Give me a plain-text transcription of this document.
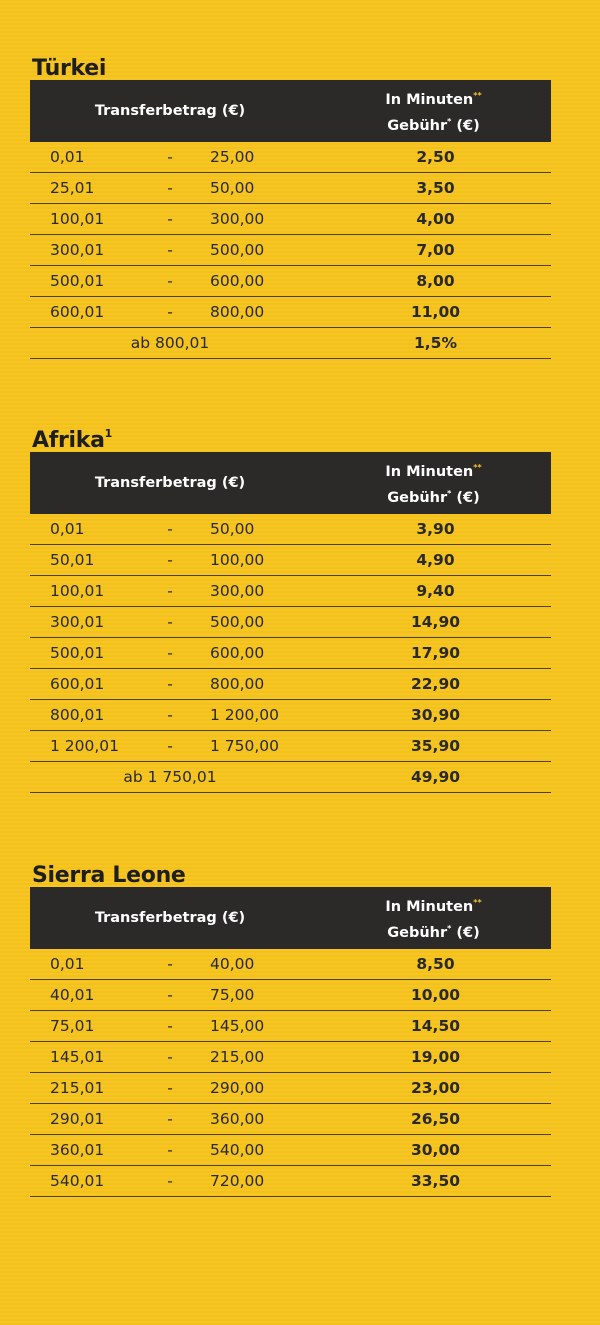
Türkei
Transferbetrag (€)
In Minuten**
Gebühr* (€)
0,01	-	25,00	2,50
25,01	-	50,00	3,50
100,01	-	300,00	4,00
300,01	-	500,00	7,00
500,01	-	600,00	8,00
600,01	-	800,00	11,00
ab 800,01	1,5%
Afrika$^1$
Transferbetrag (€)
In Minuten**
Gebühr* (€)
0,01	-	50,00	3,90
50,01	-	100,00	4,90
100,01	-	300,00	9,40
300,01	-	500,00	14,90
500,01	-	600,00	17,90
600,01	-	800,00	22,90
800,01	-	1 200,00	30,90
1 200,01	-	1 750,00	35,90
ab 1 750,01	49,90
Sierra Leone
Transferbetrag (€)
In Minuten**
Gebühr* (€)
0,01	-	40,00	8,50
40,01	-	75,00	10,00
75,01	-	145,00	14,50
145,01	-	215,00	19,00
215,01	-	290,00	23,00
290,01	-	360,00	26,50
360,01	-	540,00	30,00
540,01	-	720,00	33,50
